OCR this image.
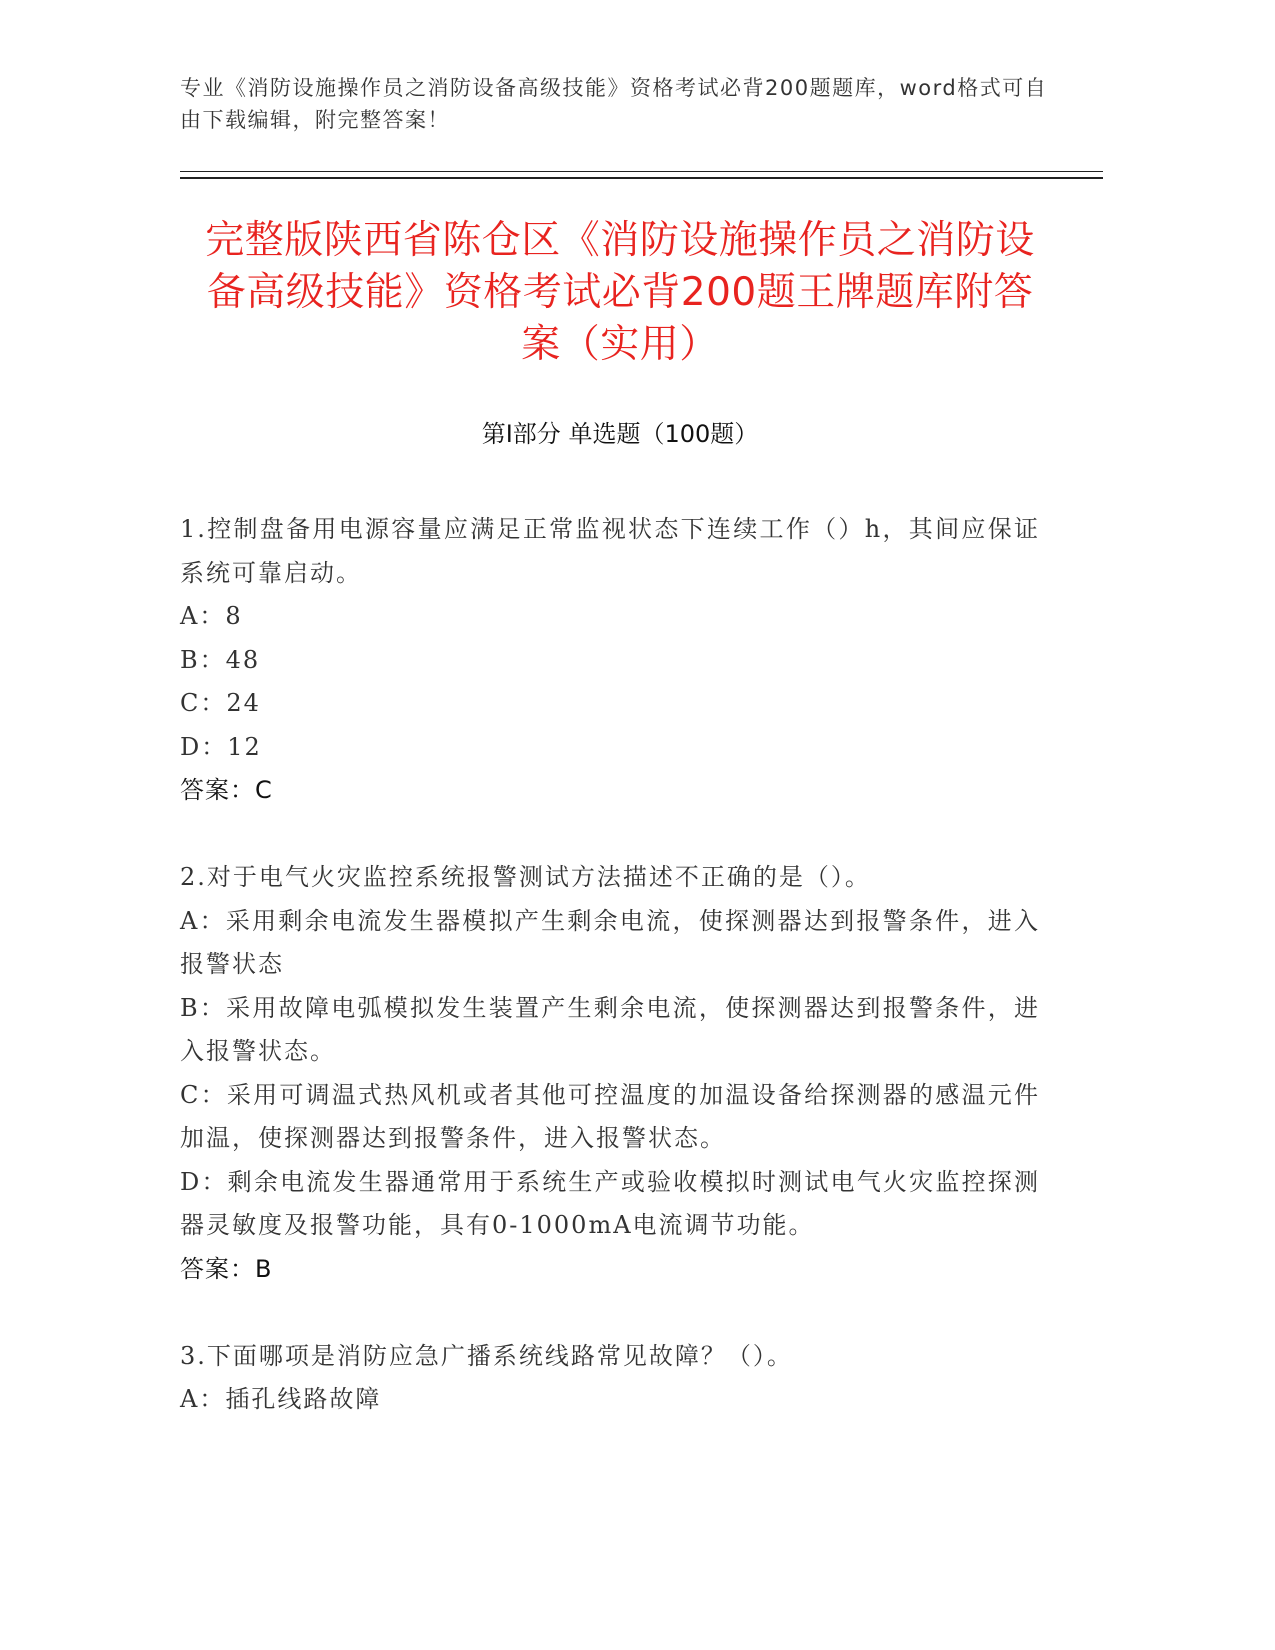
专业《消防设施操作员之消防设备高级技能》资格考试必背200题题库，word格式可自由下载编辑，附完整答案！
完整版陕西省陈仓区《消防设施操作员之消防设备高级技能》资格考试必背200题王牌题库附答案（实用）
第Ⅰ部分 单选题（100题）

1.控制盘备用电源容量应满足正常监视状态下连续工作（）h，其间应保证系统可靠启动。

A：8

B：48

C：24

D：12

答案：C

2.对于电气火灾监控系统报警测试方法描述不正确的是（）。

A：采用剩余电流发生器模拟产生剩余电流，使探测器达到报警条件，进入报警状态

B：采用故障电弧模拟发生装置产生剩余电流，使探测器达到报警条件，进入报警状态。

C：采用可调温式热风机或者其他可控温度的加温设备给探测器的感温元件加温，使探测器达到报警条件，进入报警状态。

D：剩余电流发生器通常用于系统生产或验收模拟时测试电气火灾监控探测器灵敏度及报警功能，具有0-1000mA电流调节功能。

答案：B

3.下面哪项是消防应急广播系统线路常见故障？（）。

A：插孔线路故障
